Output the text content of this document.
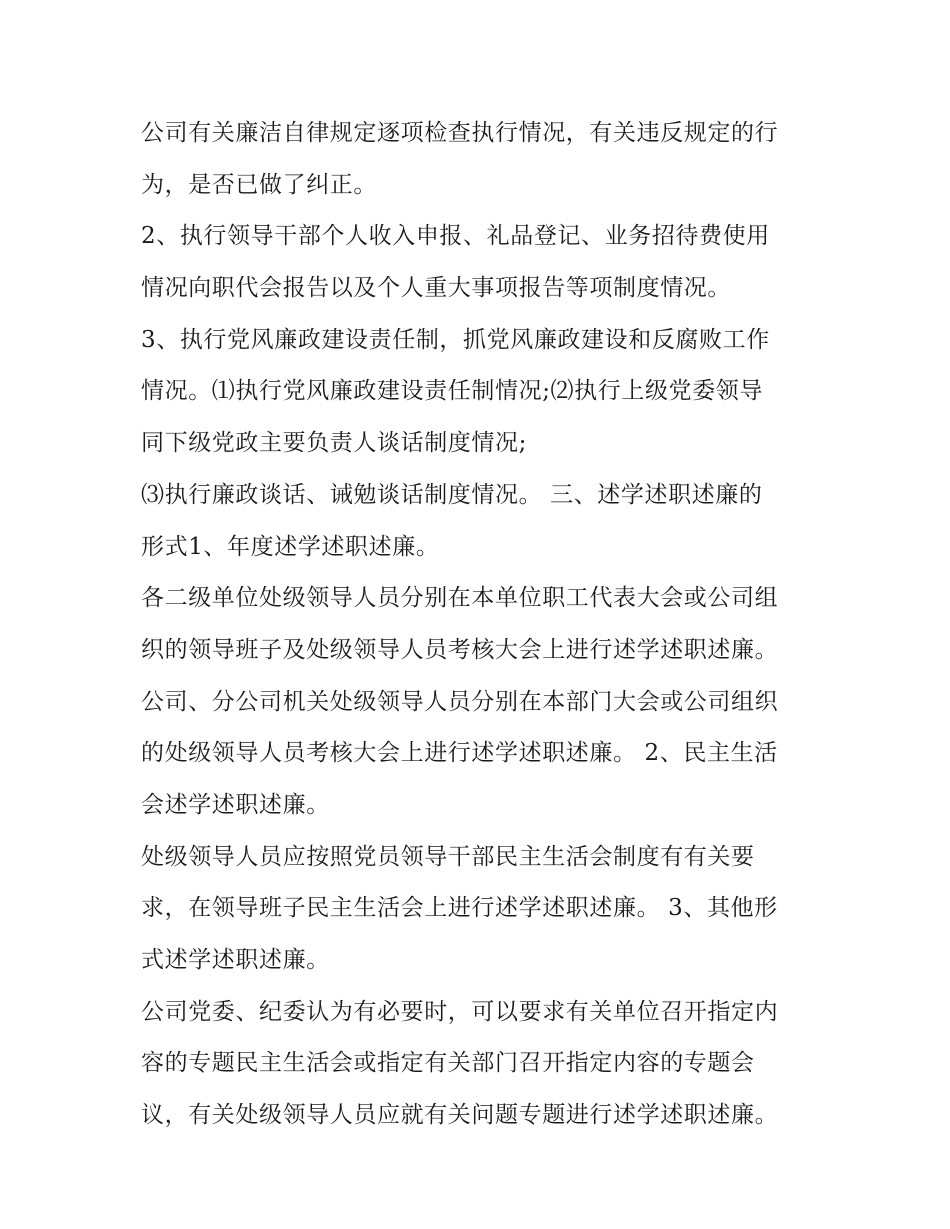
公司有关廉洁自律规定逐项检查执行情况，有关违反规定的行
为，是否已做了纠正。
2、执行领导干部个人收入申报、礼品登记、业务招待费使用
情况向职代会报告以及个人重大事项报告等项制度情况。
3、执行党风廉政建设责任制，抓党风廉政建设和反腐败工作
情况。⑴执行党风廉政建设责任制情况;⑵执行上级党委领导
同下级党政主要负责人谈话制度情况;
⑶执行廉政谈话、诫勉谈话制度情况。 三、述学述职述廉的
形式1、年度述学述职述廉。
各二级单位处级领导人员分别在本单位职工代表大会或公司组
织的领导班子及处级领导人员考核大会上进行述学述职述廉。
公司、分公司机关处级领导人员分别在本部门大会或公司组织
的处级领导人员考核大会上进行述学述职述廉。 2、民主生活
会述学述职述廉。
处级领导人员应按照党员领导干部民主生活会制度有有关要
求，在领导班子民主生活会上进行述学述职述廉。 3、其他形
式述学述职述廉。
公司党委、纪委认为有必要时，可以要求有关单位召开指定内
容的专题民主生活会或指定有关部门召开指定内容的专题会
议，有关处级领导人员应就有关问题专题进行述学述职述廉。
